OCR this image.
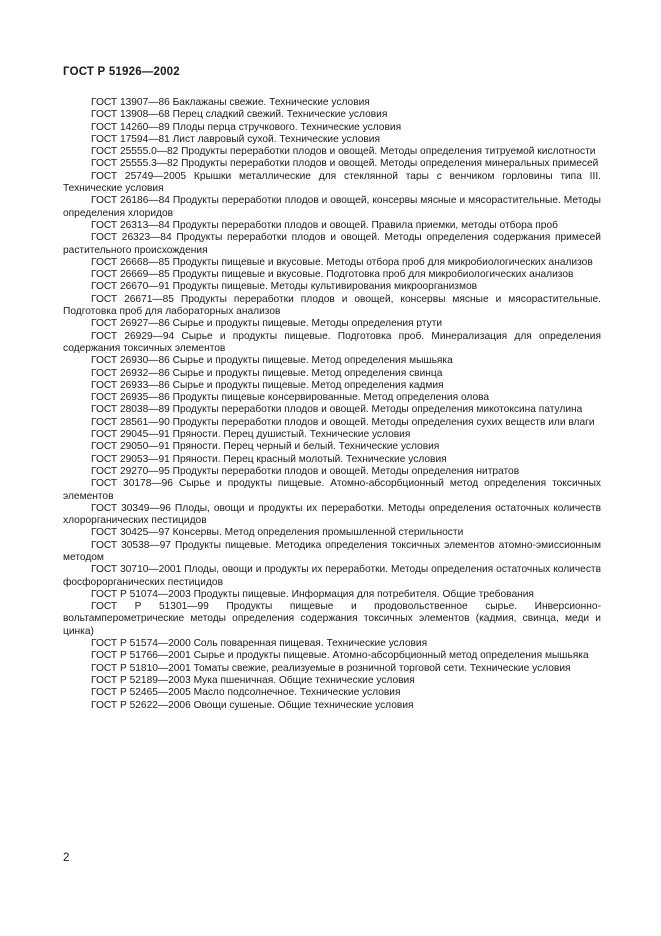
ГОСТ Р 51926—2002

ГОСТ 13907—86 Баклажаны свежие. Технические условия

ГОСТ 13908—68 Перец сладкий свежий. Технические условия

ГОСТ 14260—89 Плоды перца стручкового. Технические условия

ГОСТ 17594—81 Лист лавровый сухой. Технические условия

ГОСТ 25555.0—82 Продукты переработки плодов и овощей. Методы определения титруемой кислотности

ГОСТ 25555.3—82 Продукты переработки плодов и овощей. Методы определения минеральных примесей

ГОСТ 25749—2005 Крышки металлические для стеклянной тары с венчиком горловины типа III. Технические условия

ГОСТ 26186—84 Продукты переработки плодов и овощей, консервы мясные и мясорастительные. Методы определения хлоридов

ГОСТ 26313—84 Продукты переработки плодов и овощей. Правила приемки, методы отбора проб

ГОСТ 26323—84 Продукты переработки плодов и овощей. Методы определения содержания примесей растительного происхождения

ГОСТ 26668—85 Продукты пищевые и вкусовые. Методы отбора проб для микробиологических анализов

ГОСТ 26669—85 Продукты пищевые и вкусовые. Подготовка проб для микробиологических анализов

ГОСТ 26670—91 Продукты пищевые. Методы культивирования микроорганизмов

ГОСТ 26671—85 Продукты переработки плодов и овощей, консервы мясные и мясорастительные. Подготовка проб для лабораторных анализов

ГОСТ 26927—86 Сырье и продукты пищевые. Методы определения ртути

ГОСТ 26929—94 Сырье и продукты пищевые. Подготовка проб. Минерализация для определения содержания токсичных элементов

ГОСТ 26930—86 Сырье и продукты пищевые. Метод определения мышьяка

ГОСТ 26932—86 Сырье и продукты пищевые. Метод определения свинца

ГОСТ 26933—86 Сырье и продукты пищевые. Метод определения кадмия

ГОСТ 26935—86 Продукты пищевые консервированные. Метод определения олова

ГОСТ 28038—89 Продукты переработки плодов и овощей. Методы определения микотоксина патулина

ГОСТ 28561—90 Продукты переработки плодов и овощей. Методы определения сухих веществ или влаги

ГОСТ 29045—91 Пряности. Перец душистый. Технические условия

ГОСТ 29050—91 Пряности. Перец черный и белый. Технические условия

ГОСТ 29053—91 Пряности. Перец красный молотый. Технические условия

ГОСТ 29270—95 Продукты переработки плодов и овощей. Методы определения нитратов

ГОСТ 30178—96 Сырье и продукты пищевые. Атомно-абсорбционный метод определения токсичных элементов

ГОСТ 30349—96 Плоды, овощи и продукты их переработки. Методы определения остаточных количеств хлорорганических пестицидов

ГОСТ 30425—97 Консервы. Метод определения промышленной стерильности

ГОСТ 30538—97 Продукты пищевые. Методика определения токсичных элементов атомно-эмиссионным методом

ГОСТ 30710—2001 Плоды, овощи и продукты их переработки. Методы определения остаточных количеств фосфорорганических пестицидов

ГОСТ Р 51074—2003 Продукты пищевые. Информация для потребителя. Общие требования

ГОСТ Р 51301—99 Продукты пищевые и продовольственное сырье. Инверсионно-вольтамперометрические методы определения содержания токсичных элементов (кадмия, свинца, меди и цинка)

ГОСТ Р 51574—2000 Соль поваренная пищевая. Технические условия

ГОСТ Р 51766—2001 Сырье и продукты пищевые. Атомно-абсорбционный метод определения мышьяка

ГОСТ Р 51810—2001 Томаты свежие, реализуемые в розничной торговой сети. Технические условия

ГОСТ Р 52189—2003 Мука пшеничная. Общие технические условия

ГОСТ Р 52465—2005 Масло подсолнечное. Технические условия

ГОСТ Р 52622—2006 Овощи сушеные. Общие технические условия

2
